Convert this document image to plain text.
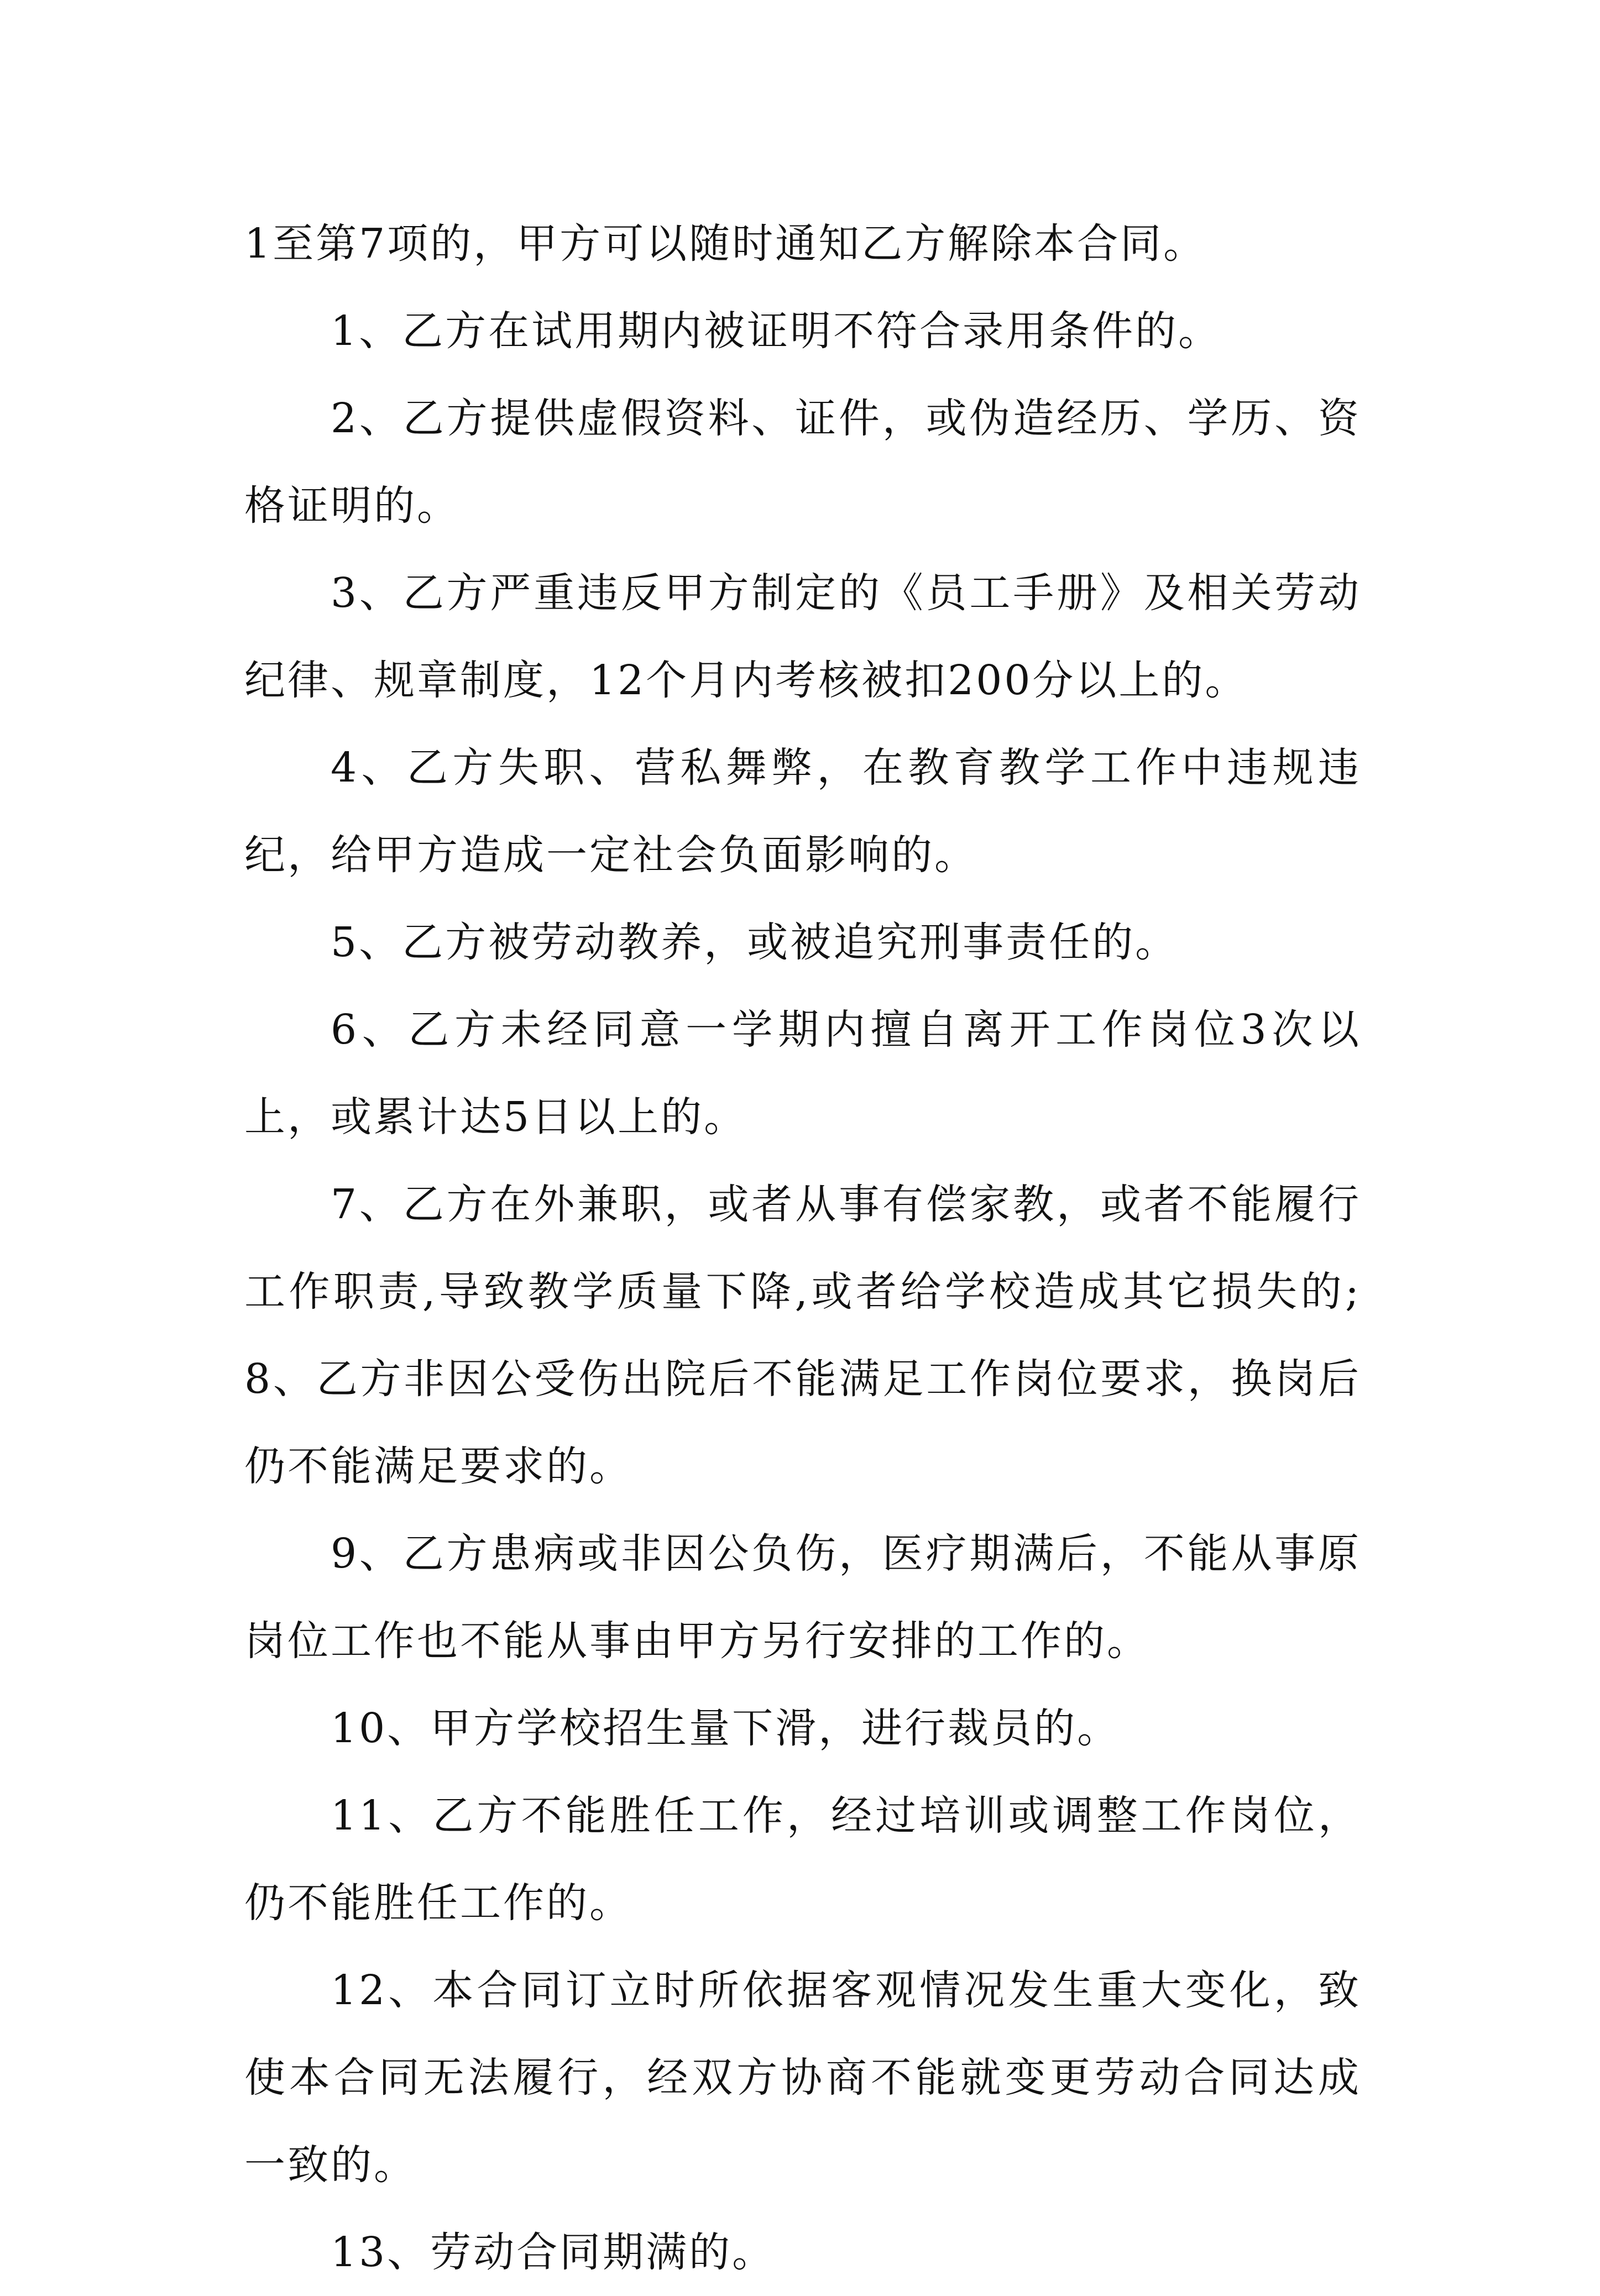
1至第7项的，甲方可以随时通知乙方解除本合同。

1、乙方在试用期内被证明不符合录用条件的。

2、乙方提供虚假资料、证件，或伪造经历、学历、资格证明的。

3、乙方严重违反甲方制定的《员工手册》及相关劳动纪律、规章制度，12个月内考核被扣200分以上的。

4、乙方失职、营私舞弊，在教育教学工作中违规违纪，给甲方造成一定社会负面影响的。

5、乙方被劳动教养，或被追究刑事责任的。

6、乙方未经同意一学期内擅自离开工作岗位3次以上，或累计达5日以上的。

7、乙方在外兼职，或者从事有偿家教，或者不能履行工作职责,导致教学质量下降,或者给学校造成其它损失的;8、乙方非因公受伤出院后不能满足工作岗位要求，换岗后仍不能满足要求的。

9、乙方患病或非因公负伤，医疗期满后，不能从事原岗位工作也不能从事由甲方另行安排的工作的。

10、甲方学校招生量下滑，进行裁员的。

11、乙方不能胜任工作，经过培训或调整工作岗位，仍不能胜任工作的。

12、本合同订立时所依据客观情况发生重大变化，致使本合同无法履行，经双方协商不能就变更劳动合同达成一致的。

13、劳动合同期满的。
